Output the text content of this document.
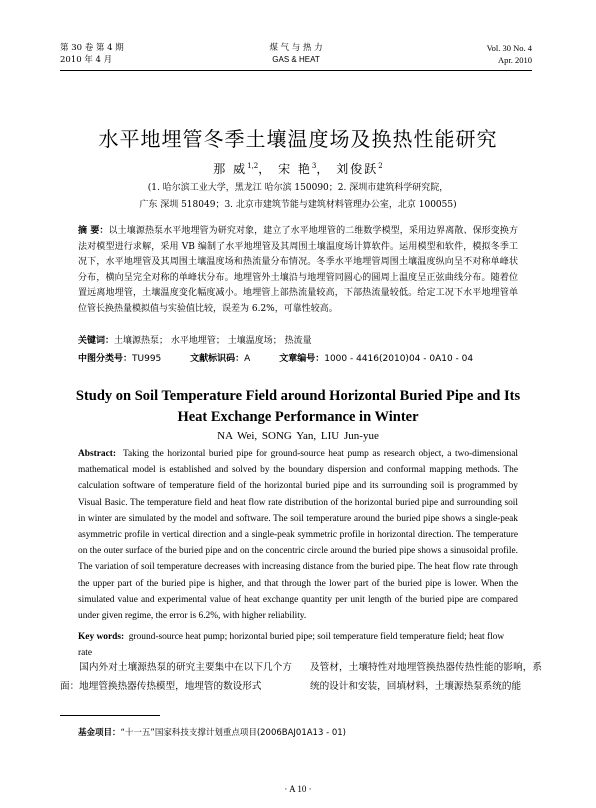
第 30 卷 第 4 期
2010 年 4 月
煤 气 与 热 力
GAS & HEAT
Vol. 30 No. 4
Apr. 2010
水平地埋管冬季土壤温度场及换热性能研究
那 威$^{1,2}$， 宋 艳$^3$， 刘俊跃$^2$
(1. 哈尔滨工业大学，黑龙江 哈尔滨 150090；2. 深圳市建筑科学研究院，
广东 深圳 518049；3. 北京市建筑节能与建筑材料管理办公室，北京 100055)
摘 要：以土壤源热泵水平地埋管为研究对象，建立了水平地埋管的二维数学模型，采用边界离散、保形变换方法对模型进行求解，采用 VB 编制了水平地埋管及其周围土壤温度场计算软件。运用模型和软件，模拟冬季工况下，水平地埋管及其周围土壤温度场和热流量分布情况。冬季水平地埋管周围土壤温度纵向呈不对称单峰状分布，横向呈完全对称的单峰状分布。地埋管外土壤沿与地埋管同圆心的圆周上温度呈正弦曲线分布。随着位置远离地埋管，土壤温度变化幅度减小。地埋管上部热流量较高，下部热流量较低。给定工况下水平地埋管单位管长换热量模拟值与实验值比较，误差为 6.2%，可靠性较高。
关键词：土壤源热泵； 水平地埋管； 土壤温度场； 热流量
中图分类号：TU995	文献标识码：A	文章编号：1000 - 4416(2010)04 - 0A10 - 04
Study on Soil Temperature Field around Horizontal Buried Pipe and Its Heat Exchange Performance in Winter
NA Wei, SONG Yan, LIU Jun-yue
Abstract: Taking the horizontal buried pipe for ground-source heat pump as research object, a two-dimensional mathematical model is established and solved by the boundary dispersion and conformal mapping methods. The calculation software of temperature field of the horizontal buried pipe and its surrounding soil is programmed by Visual Basic. The temperature field and heat flow rate distribution of the horizontal buried pipe and surrounding soil in winter are simulated by the model and software. The soil temperature around the buried pipe shows a single-peak asymmetric profile in vertical direction and a single-peak symmetric profile in horizontal direction. The temperature on the outer surface of the buried pipe and on the concentric circle around the buried pipe shows a sinusoidal profile. The variation of soil temperature decreases with increasing distance from the buried pipe. The heat flow rate through the upper part of the buried pipe is higher, and that through the lower part of the buried pipe is lower. When the simulated value and experimental value of heat exchange quantity per unit length of the buried pipe are compared under given regime, the error is 6.2%, with higher reliability.
Key words: ground-source heat pump; horizontal buried pipe; soil temperature field temperature field; heat flow rate
国内外对土壤源热泵的研究主要集中在以下几个方面：地埋管换热器传热模型，地埋管的数设形式
及管材，土壤特性对地埋管换热器传热性能的影响，系统的设计和安装，回填材料，土壤源热泵系统的能
基金项目：“十一五”国家科技支撑计划重点项目(2006BAJ01A13 - 01)
· A 10 ·
